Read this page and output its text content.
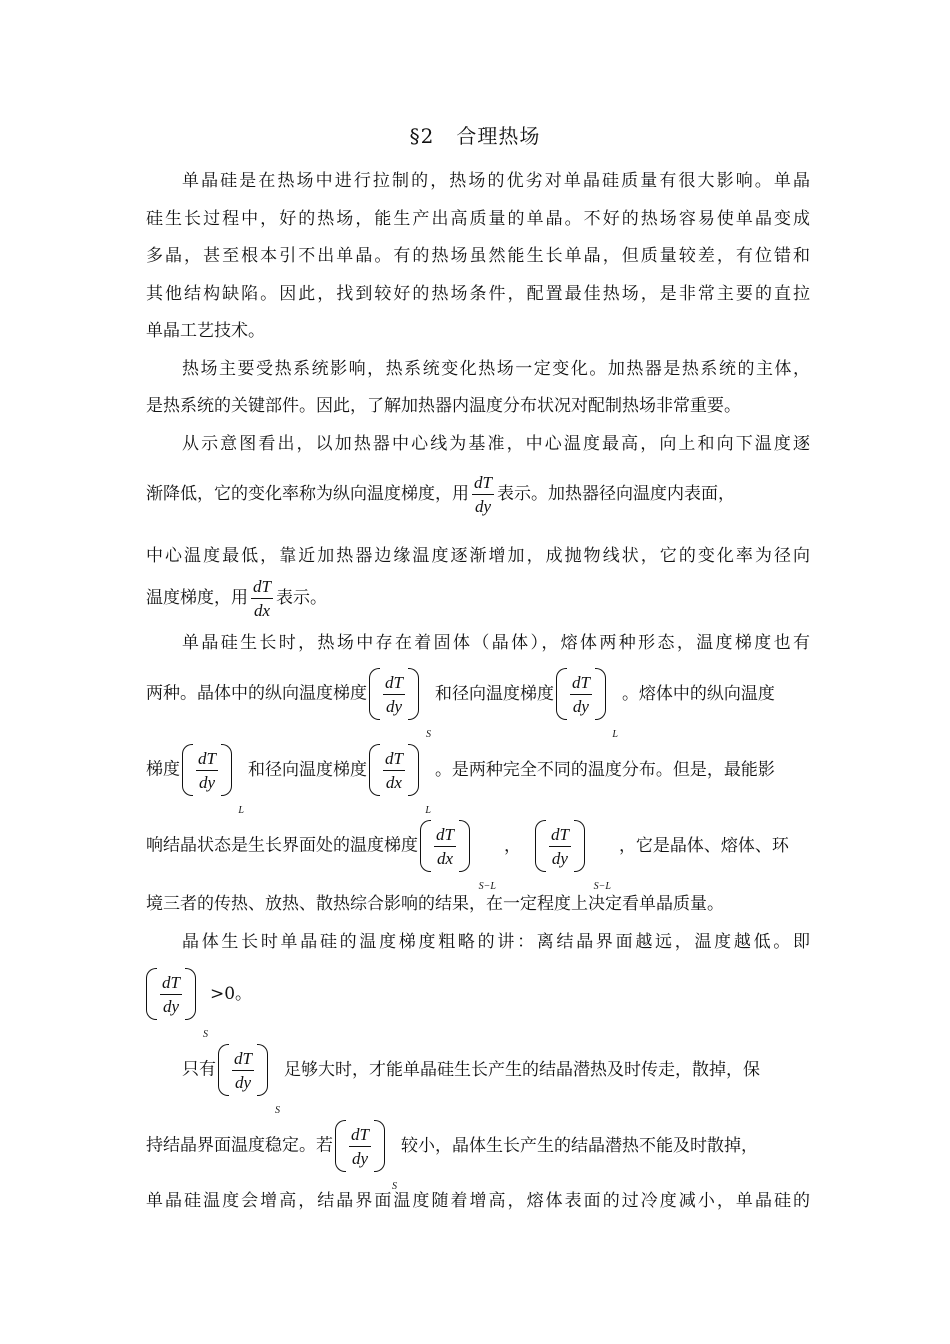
§2 合理热场
单晶硅是在热场中进行拉制的，热场的优劣对单晶硅质量有很大影响。单晶
硅生长过程中，好的热场，能生产出高质量的单晶。不好的热场容易使单晶变成
多晶，甚至根本引不出单晶。有的热场虽然能生长单晶，但质量较差，有位错和
其他结构缺陷。因此，找到较好的热场条件，配置最佳热场，是非常主要的直拉
单晶工艺技术。
热场主要受热系统影响，热系统变化热场一定变化。加热器是热系统的主体，
是热系统的关键部件。因此，了解加热器内温度分布状况对配制热场非常重要。
从示意图看出，以加热器中心线为基准，中心温度最高，向上和向下温度逐
渐降低，它的变化率称为纵向温度梯度，用 $\frac{dT}{dy}$ 表示。加热器径向温度内表面，
中心温度最低，靠近加热器边缘温度逐渐增加，成抛物线状，它的变化率为径向
温度梯度，用 $\frac{dT}{dx}$ 表示。
单晶硅生长时，热场中存在着固体（晶体），熔体两种形态，温度梯度也有
两种。晶体中的纵向温度梯度 $\frac{dT}{dy}$
S
和径向温度梯度 $\frac{dT}{dy}$
L
。熔体中的纵向温度
梯度 $\frac{dT}{dy}$
L
和径向温度梯度 $\frac{dT}{dx}$
L
。是两种完全不同的温度分布。但是，最能影
响结晶状态是生长界面处的温度梯度 $\frac{dT}{dx}$
S−L
， $\frac{dT}{dy}$
S−L
，它是晶体、熔体、环
境三者的传热、放热、散热综合影响的结果，在一定程度上决定看单晶质量。
晶体生长时单晶硅的温度梯度粗略的讲：离结晶界面越远，温度越低。即
$\frac{dT}{dy}$
S
>0。
只有 $\frac{dT}{dy}$
S
足够大时，才能单晶硅生长产生的结晶潜热及时传走，散掉，保
持结晶界面温度稳定。若 $\frac{dT}{dy}$
S
较小，晶体生长产生的结晶潜热不能及时散掉，
单晶硅温度会增高，结晶界面温度随着增高，熔体表面的过冷度减小，单晶硅的
